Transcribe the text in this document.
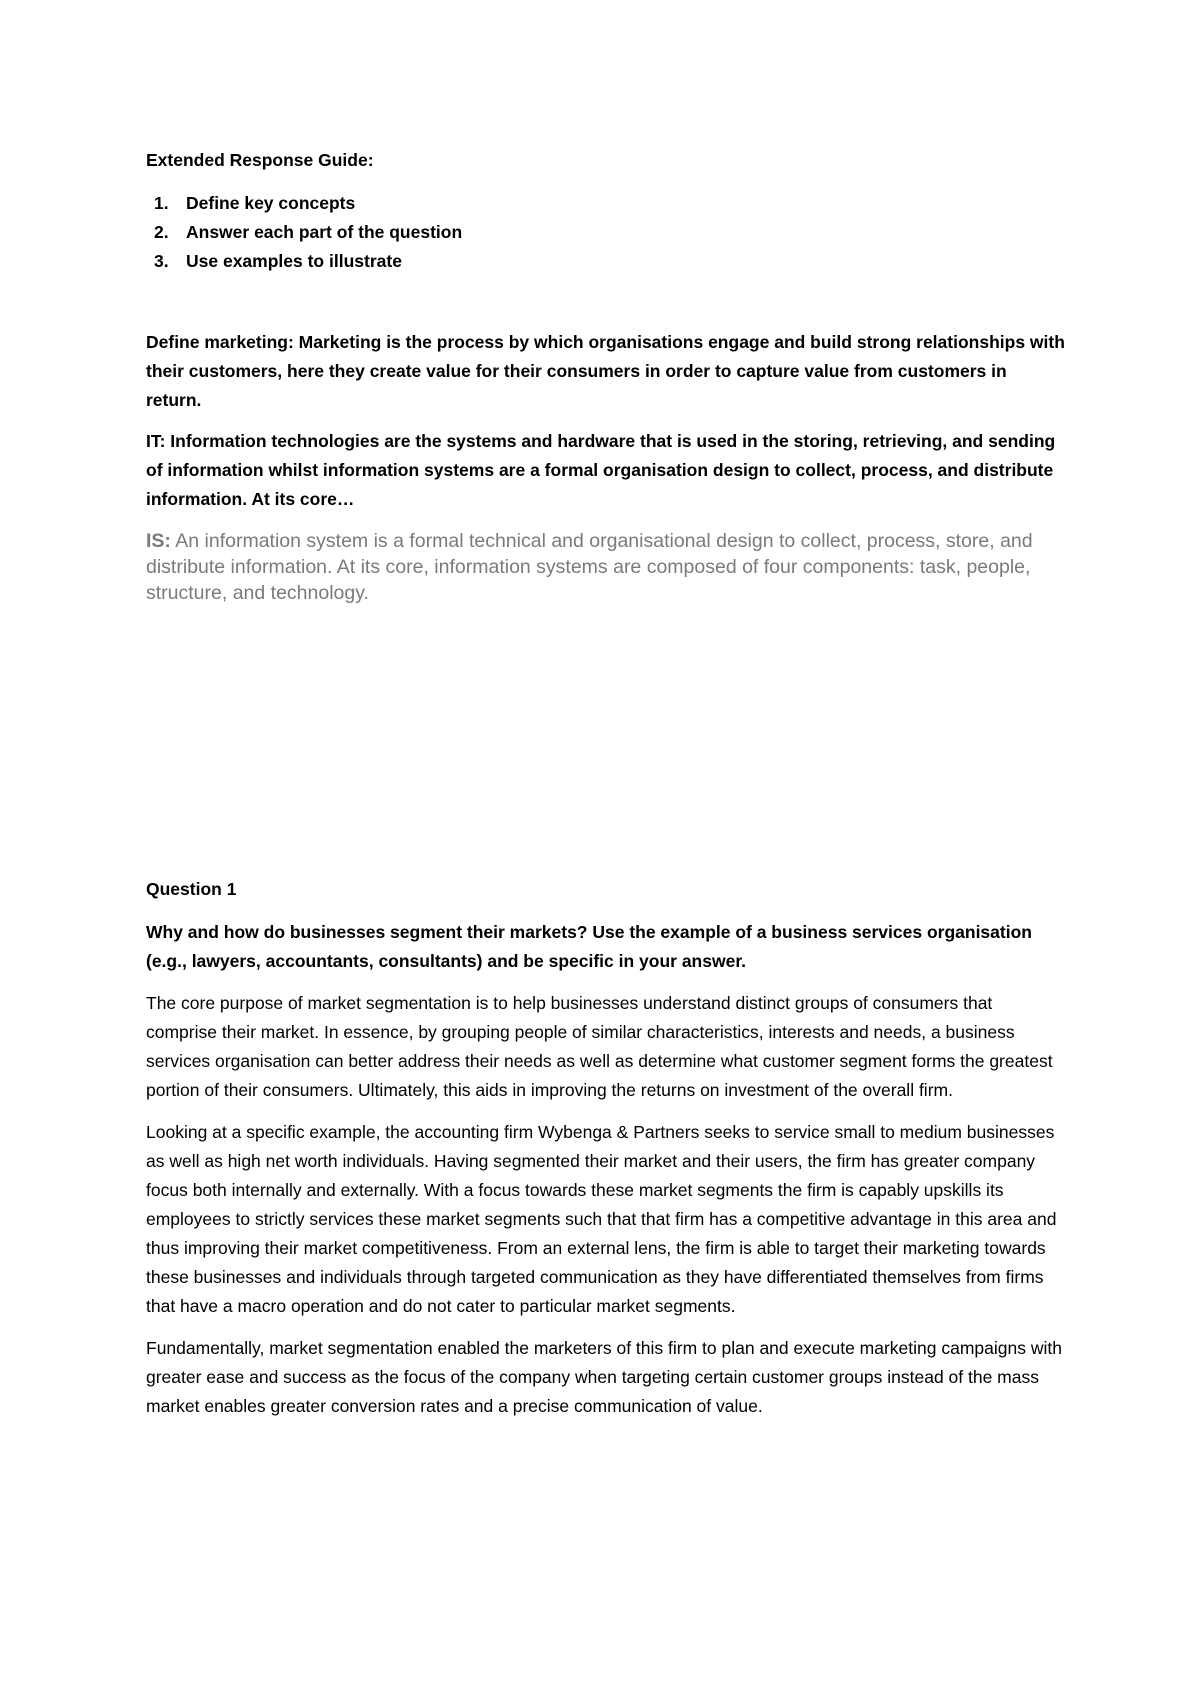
Extended Response Guide:

1. Define key concepts
2. Answer each part of the question
3. Use examples to illustrate

Define marketing: Marketing is the process by which organisations engage and build strong relationships with their customers, here they create value for their consumers in order to capture value from customers in return.

IT: Information technologies are the systems and hardware that is used in the storing, retrieving, and sending of information whilst information systems are a formal organisation design to collect, process, and distribute information. At its core…

IS: An information system is a formal technical and organisational design to collect, process, store, and distribute information. At its core, information systems are composed of four components: task, people, structure, and technology.

Question 1

Why and how do businesses segment their markets? Use the example of a business services organisation (e.g., lawyers, accountants, consultants) and be specific in your answer.

The core purpose of market segmentation is to help businesses understand distinct groups of consumers that comprise their market. In essence, by grouping people of similar characteristics, interests and needs, a business services organisation can better address their needs as well as determine what customer segment forms the greatest portion of their consumers. Ultimately, this aids in improving the returns on investment of the overall firm.

Looking at a specific example, the accounting firm Wybenga & Partners seeks to service small to medium businesses as well as high net worth individuals. Having segmented their market and their users, the firm has greater company focus both internally and externally. With a focus towards these market segments the firm is capably upskills its employees to strictly services these market segments such that that firm has a competitive advantage in this area and thus improving their market competitiveness. From an external lens, the firm is able to target their marketing towards these businesses and individuals through targeted communication as they have differentiated themselves from firms that have a macro operation and do not cater to particular market segments.

Fundamentally, market segmentation enabled the marketers of this firm to plan and execute marketing campaigns with greater ease and success as the focus of the company when targeting certain customer groups instead of the mass market enables greater conversion rates and a precise communication of value.
